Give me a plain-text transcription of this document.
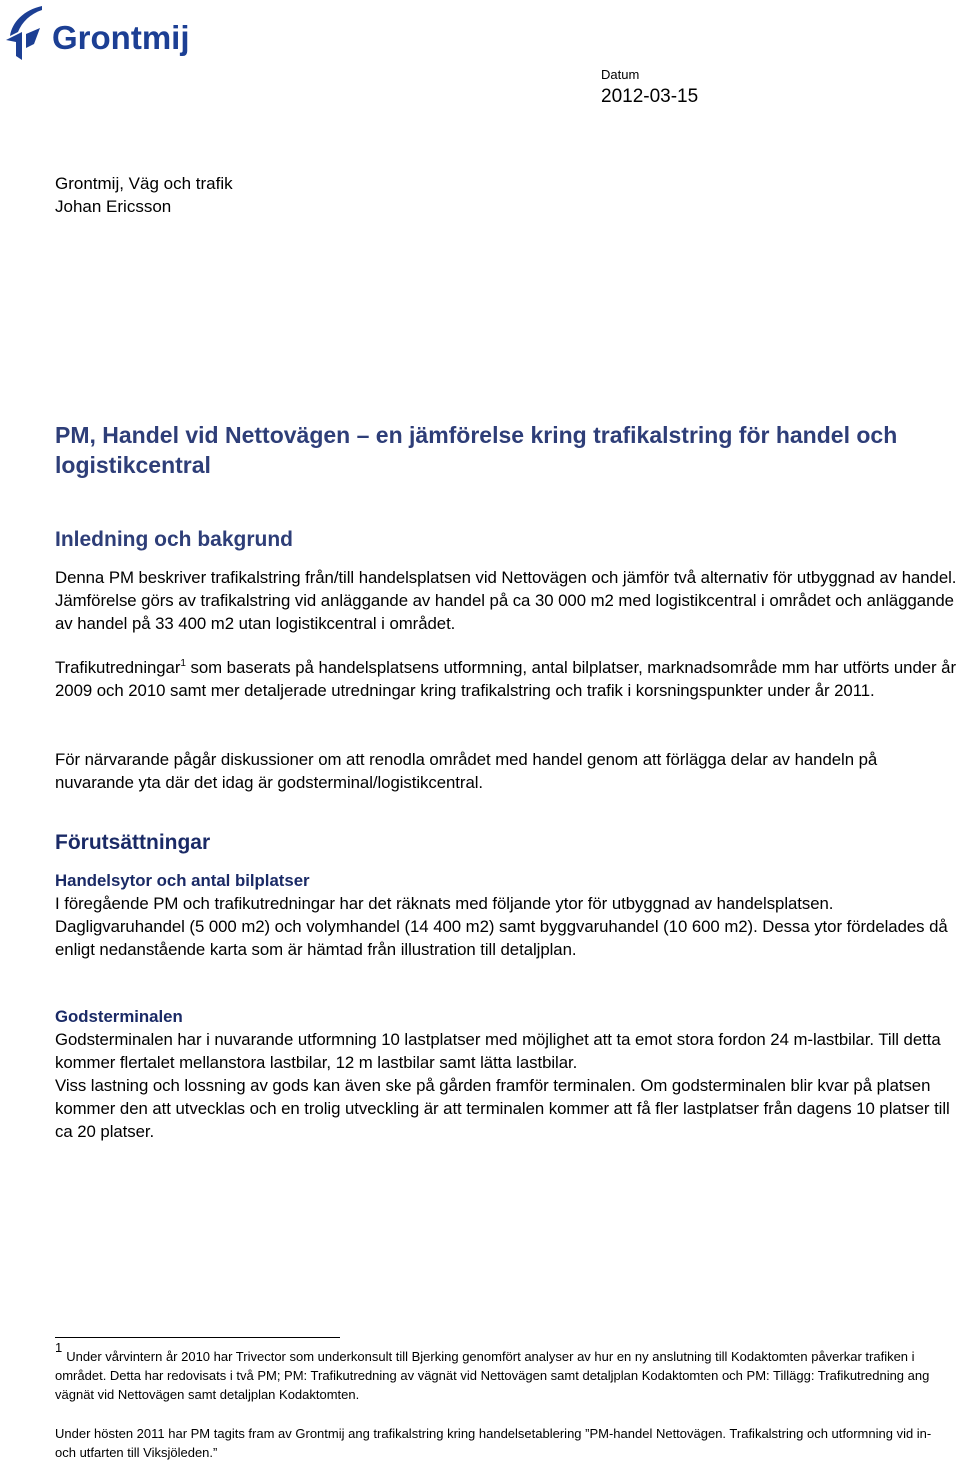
Grontmij
Datum
2012-03-15
Grontmij, Väg och trafik
Johan Ericsson
PM, Handel vid Nettovägen – en jämförelse kring trafikalstring för handel och logistikcentral
Inledning och bakgrund

Denna PM beskriver trafikalstring från/till handelsplatsen vid Nettovägen och jämför två alternativ för utbyggnad av handel. Jämförelse görs av trafikalstring vid anläggande av handel på ca 30 000 m2 med logistikcentral i området och anläggande av handel på 33 400 m2 utan logistikcentral i området.

Trafikutredningar$^1$ som baserats på handelsplatsens utformning, antal bilplatser, marknadsområde mm har utförts under år 2009 och 2010 samt mer detaljerade utredningar kring trafikalstring och trafik i korsningspunkter under år 2011.

För närvarande pågår diskussioner om att renodla området med handel genom att förlägga delar av handeln på nuvarande yta där det idag är godsterminal/logistikcentral.

Förutsättningar
Handelsytor och antal bilplatser

I föregående PM och trafikutredningar har det räknats med följande ytor för utbyggnad av handelsplatsen. Dagligvaruhandel (5 000 m2) och volymhandel (14 400 m2) samt byggvaruhandel (10 600 m2). Dessa ytor fördelades då enligt nedanstående karta som är hämtad från illustration till detaljplan.

Godsterminalen

Godsterminalen har i nuvarande utformning 10 lastplatser med möjlighet att ta emot stora fordon 24 m-lastbilar. Till detta kommer flertalet mellanstora lastbilar, 12 m lastbilar samt lätta lastbilar.

Viss lastning och lossning av gods kan även ske på gården framför terminalen. Om godsterminalen blir kvar på platsen kommer den att utvecklas och en trolig utveckling är att terminalen kommer att få fler lastplatser från dagens 10 platser till ca 20 platser.

1Under vårvintern år 2010 har Trivector som underkonsult till Bjerking genomfört analyser av hur en ny anslutning till Kodaktomten påverkar trafiken i området. Detta har redovisats i två PM; PM: Trafikutredning av vägnät vid Nettovägen samt detaljplan Kodaktomten och PM: Tillägg: Trafikutredning ang vägnät vid Nettovägen samt detaljplan Kodaktomten.

Under hösten 2011 har PM tagits fram av Grontmij ang trafikalstring kring handelsetablering ”PM-handel Nettovägen. Trafikalstring och utformning vid in- och utfarten till Viksjöleden.”
